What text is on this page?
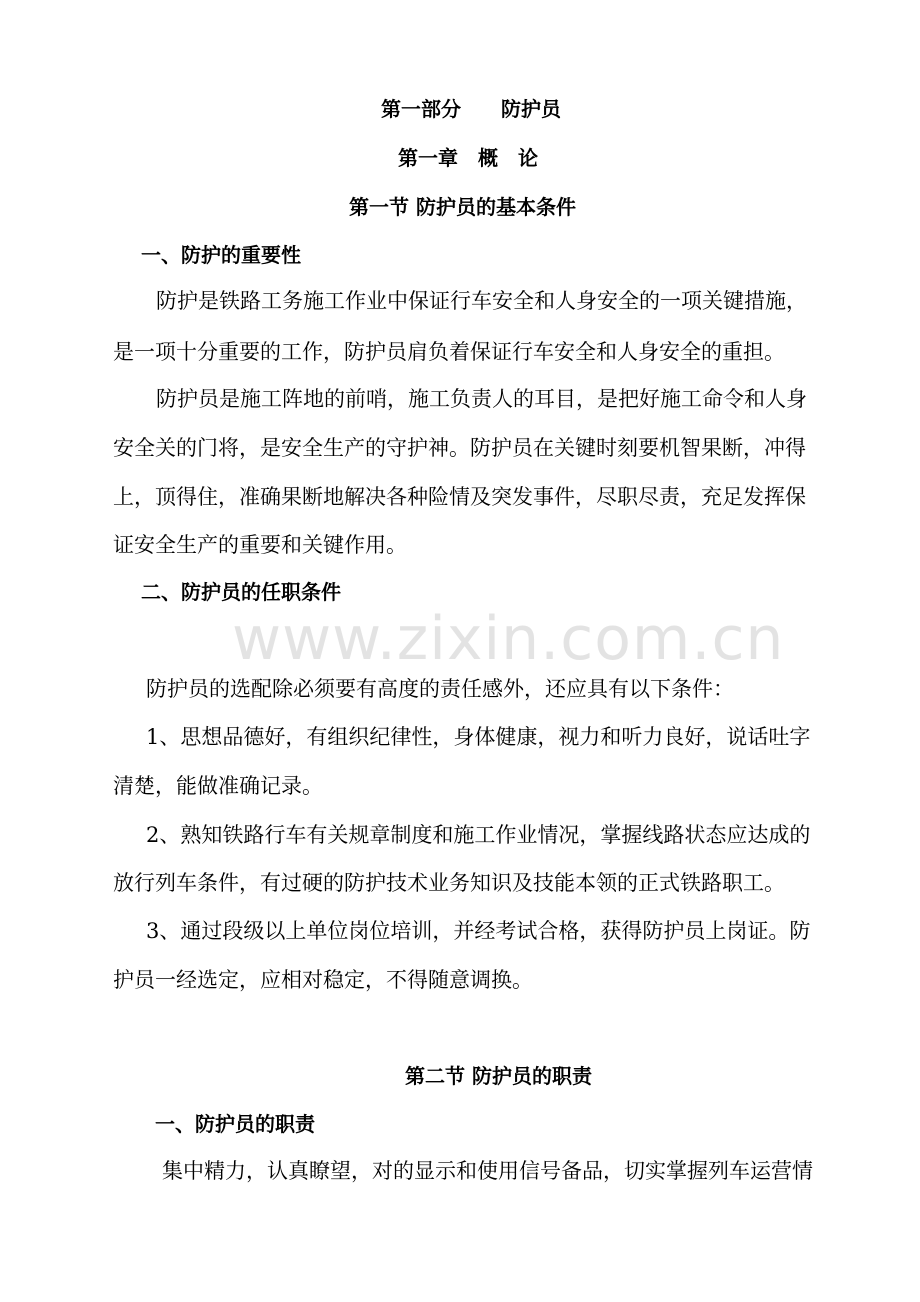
www.zixin.com.cn
第一部分　　防护员
第一章　概　论
第一节 防护员的基本条件
一、防护的重要性
防护是铁路工务施工作业中保证行车安全和人身安全的一项关键措施，
是一项十分重要的工作，防护员肩负着保证行车安全和人身安全的重担。
防护员是施工阵地的前哨，施工负责人的耳目，是把好施工命令和人身
安全关的门将，是安全生产的守护神。防护员在关键时刻要机智果断，冲得
上，顶得住，准确果断地解决各种险情及突发事件，尽职尽责，充足发挥保
证安全生产的重要和关键作用。
二、防护员的任职条件
防护员的选配除必须要有高度的责任感外，还应具有以下条件：
1、思想品德好，有组织纪律性，身体健康，视力和听力良好，说话吐字
清楚，能做准确记录。
2、熟知铁路行车有关规章制度和施工作业情况，掌握线路状态应达成的
放行列车条件，有过硬的防护技术业务知识及技能本领的正式铁路职工。
3、通过段级以上单位岗位培训，并经考试合格，获得防护员上岗证。防
护员一经选定，应相对稳定，不得随意调换。
第二节 防护员的职责
一、防护员的职责
集中精力，认真瞭望，对的显示和使用信号备品，切实掌握列车运营情
